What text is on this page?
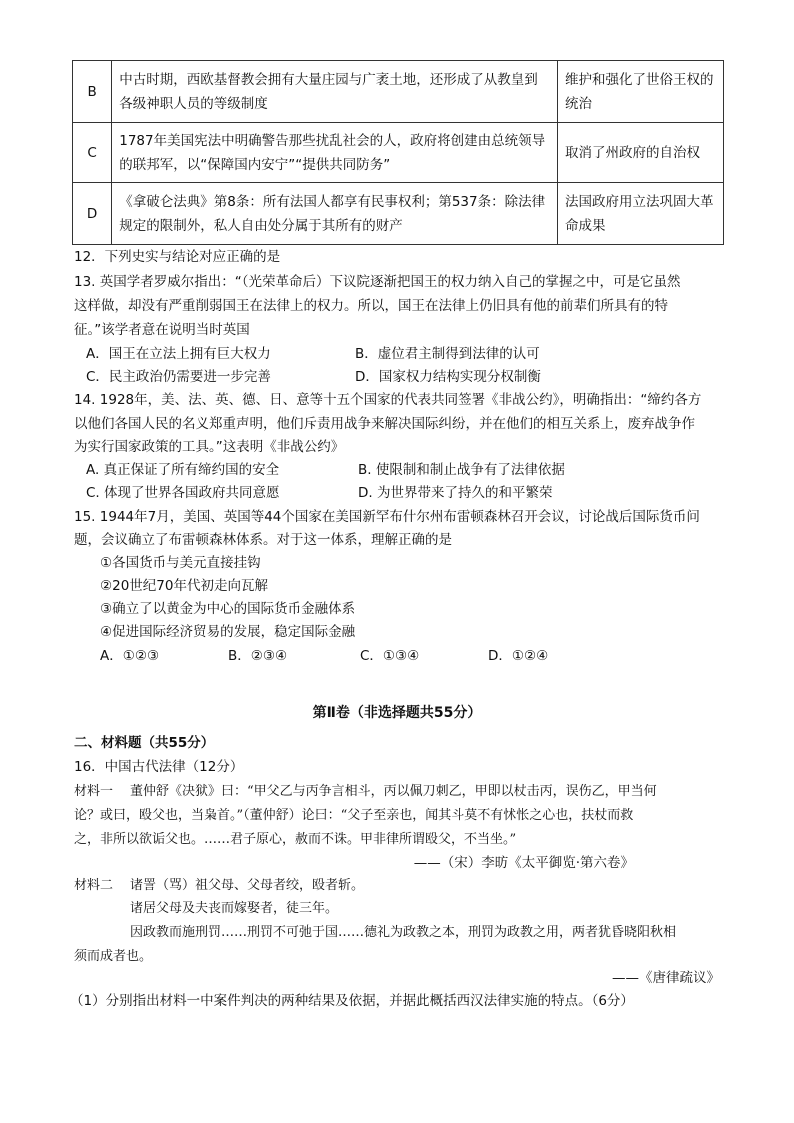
B	中古时期，西欧基督教会拥有大量庄园与广袤土地，还形成了从教皇到各级神职人员的等级制度	维护和强化了世俗王权的统治
C	1787年美国宪法中明确警告那些扰乱社会的人，政府将创建由总统领导的联邦军，以“保障国内安宁”“提供共同防务”	取消了州政府的自治权
D	《拿破仑法典》第8条：所有法国人都享有民事权利；第537条：除法律规定的限制外，私人自由处分属于其所有的财产	法国政府用立法巩固大革命成果
12．下列史实与结论对应正确的是
13. 英国学者罗威尔指出：“（光荣革命后）下议院逐渐把国王的权力纳入自己的掌握之中，可是它虽然
这样做，却没有严重削弱国王在法律上的权力。所以，国王在法律上仍旧具有他的前辈们所具有的特
征。”该学者意在说明当时英国
A．国王在立法上拥有巨大权力	B．虚位君主制得到法律的认可
C．民主政治仍需要进一步完善	D．国家权力结构实现分权制衡
14. 1928年，美、法、英、德、日、意等十五个国家的代表共同签署《非战公约》，明确指出：“缔约各方
以他们各国人民的名义郑重声明，他们斥责用战争来解决国际纠纷，并在他们的相互关系上，废弃战争作
为实行国家政策的工具。”这表明《非战公约》
A. 真正保证了所有缔约国的安全	B. 使限制和制止战争有了法律依据
C. 体现了世界各国政府共同意愿	D. 为世界带来了持久的和平繁荣
15. 1944年7月，美国、英国等44个国家在美国新罕布什尔州布雷顿森林召开会议，讨论战后国际货币问
题，会议确立了布雷顿森林体系。对于这一体系，理解正确的是
①各国货币与美元直接挂钩
②20世纪70年代初走向瓦解
③确立了以黄金为中心的国际货币金融体系
④促进国际经济贸易的发展，稳定国际金融
A．①②③	B．②③④	C．①③④	D．①②④
第Ⅱ卷（非选择题共55分）
二、材料题（共55分）
16．中国古代法律（12分）
材料一 董仲舒《决狱》曰：“甲父乙与丙争言相斗，丙以佩刀刺乙，甲即以杖击丙，误伤乙，甲当何
论？或曰，殴父也，当枭首。”（董仲舒）论曰：“父子至亲也，闻其斗莫不有怵怅之心也，扶杖而救
之，非所以欲诟父也。……君子原心，赦而不诛。甲非律所谓殴父，不当坐。”
——（宋）李昉《太平御览·第六卷》
材料二 诸詈（骂）祖父母、父母者绞，殴者斩。
诸居父母及夫丧而嫁娶者，徒三年。
因政教而施刑罚……刑罚不可弛于国……德礼为政教之本，刑罚为政教之用，两者犹昏晓阳秋相
须而成者也。
——《唐律疏议》
（1）分别指出材料一中案件判决的两种结果及依据，并据此概括西汉法律实施的特点。（6分）
